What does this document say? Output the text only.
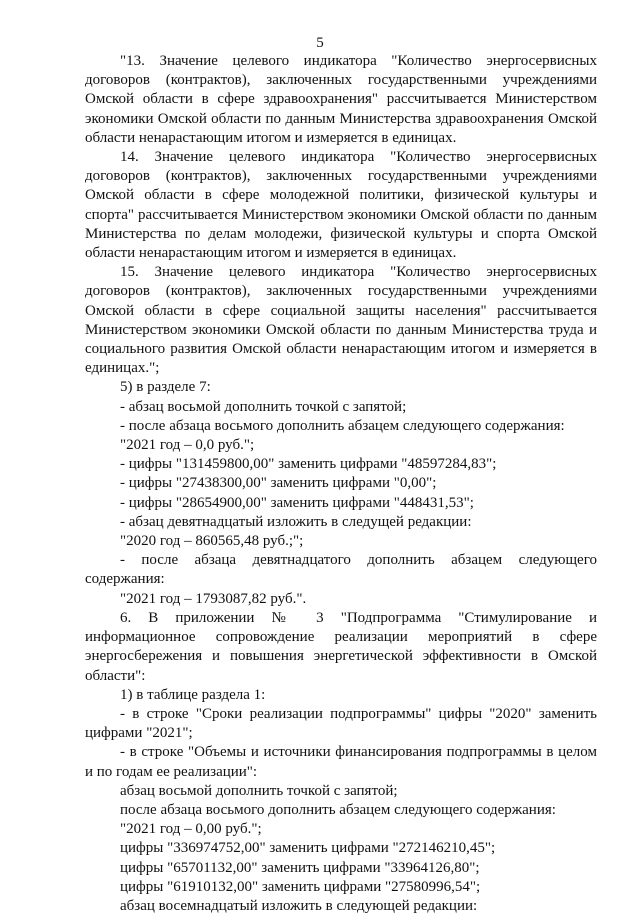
5

"13. Значение целевого индикатора "Количество энергосервисных договоров (контрактов), заключенных государственными учреждениями Омской области в сфере здравоохранения" рассчитывается Министерством экономики Омской области по данным Министерства здравоохранения Омской области ненарастающим итогом и измеряется в единицах.

14. Значение целевого индикатора "Количество энергосервисных договоров (контрактов), заключенных государственными учреждениями Омской области в сфере молодежной политики, физической культуры и спорта" рассчитывается Министерством экономики Омской области по данным Министерства по делам молодежи, физической культуры и спорта Омской области ненарастающим итогом и измеряется в единицах.

15. Значение целевого индикатора "Количество энергосервисных договоров (контрактов), заключенных государственными учреждениями Омской области в сфере социальной защиты населения" рассчитывается Министерством экономики Омской области по данным Министерства труда и социального развития Омской области ненарастающим итогом и измеряется в единицах.";

5) в разделе 7:

- абзац восьмой дополнить точкой с запятой;

- после абзаца восьмого дополнить абзацем следующего содержания:

"2021 год – 0,0 руб.";

- цифры "131459800,00" заменить цифрами "48597284,83";

- цифры "27438300,00" заменить цифрами "0,00";

- цифры "28654900,00" заменить цифрами "448431,53";

- абзац девятнадцатый изложить в следущей редакции:

"2020 год – 860565,48 руб.;";

- после абзаца девятнадцатого дополнить абзацем следующего содержания:

"2021 год – 1793087,82 руб.".

6. В приложении № 3 "Подпрограмма "Стимулирование и информационное сопровождение реализации мероприятий в сфере энергосбережения и повышения энергетической эффективности в Омской области":

1) в таблице раздела 1:

- в строке "Сроки реализации подпрограммы" цифры "2020" заменить цифрами "2021";

- в строке "Объемы и источники финансирования подпрограммы в целом и по годам ее реализации":

абзац восьмой дополнить точкой с запятой;

после абзаца восьмого дополнить абзацем следующего содержания:

"2021 год – 0,00 руб.";

цифры "336974752,00" заменить цифрами "272146210,45";

цифры "65701132,00" заменить цифрами "33964126,80";

цифры "61910132,00" заменить цифрами "27580996,54";

абзац восемнадцатый изложить в следующей редакции:
